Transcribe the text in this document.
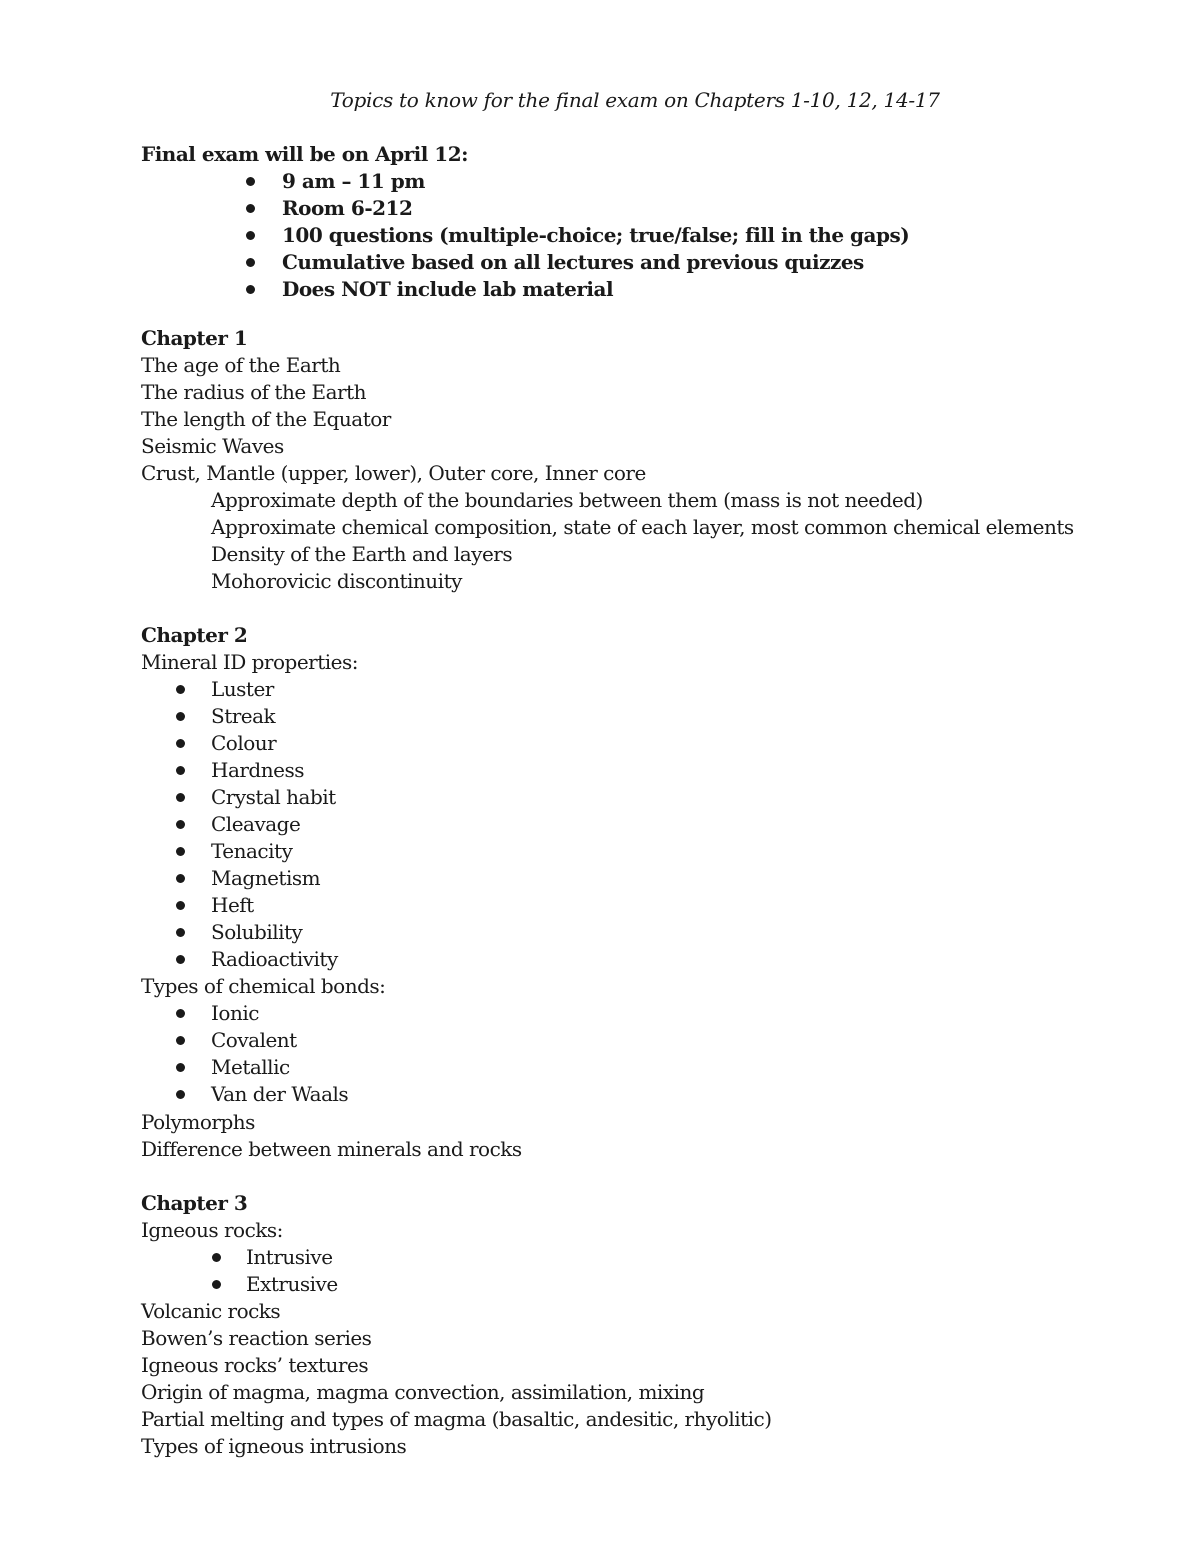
Topics to know for the final exam on Chapters 1-10, 12, 14-17
Final exam will be on April 12:
9 am – 11 pm
Room 6-212
100 questions (multiple-choice; true/false; fill in the gaps)
Cumulative based on all lectures and previous quizzes
Does NOT include lab material
Chapter 1
The age of the Earth
The radius of the Earth
The length of the Equator
Seismic Waves
Crust, Mantle (upper, lower), Outer core, Inner core
Approximate depth of the boundaries between them (mass is not needed)
Approximate chemical composition, state of each layer, most common chemical elements
Density of the Earth and layers
Mohorovicic discontinuity
Chapter 2
Mineral ID properties:
Luster
Streak
Colour
Hardness
Crystal habit
Cleavage
Tenacity
Magnetism
Heft
Solubility
Radioactivity
Types of chemical bonds:
Ionic
Covalent
Metallic
Van der Waals
Polymorphs
Difference between minerals and rocks
Chapter 3
Igneous rocks:
Intrusive
Extrusive
Volcanic rocks
Bowen’s reaction series
Igneous rocks’ textures
Origin of magma, magma convection, assimilation, mixing
Partial melting and types of magma (basaltic, andesitic, rhyolitic)
Types of igneous intrusions
